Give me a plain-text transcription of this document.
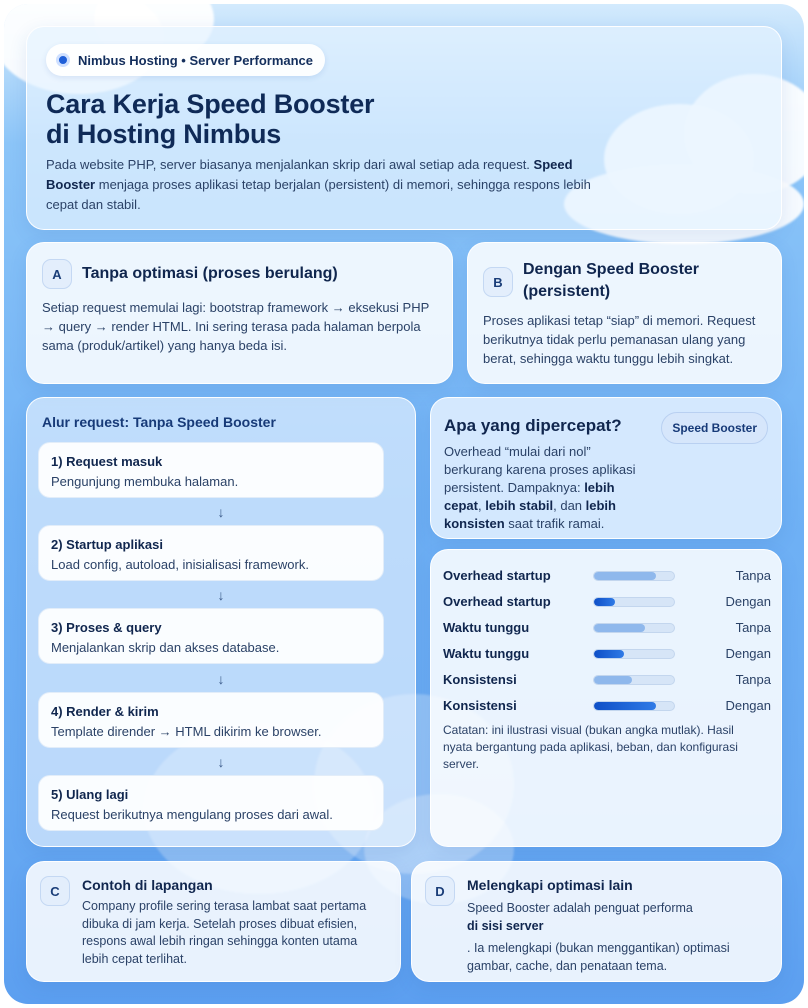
Nimbus Hosting • Server Performance
Cara Kerja Speed Booster
di Hosting Nimbus

Pada website PHP, server biasanya menjalankan skrip dari awal setiap ada request. Speed Booster menjaga proses aplikasi tetap berjalan (persistent) di memori, sehingga respons lebih cepat dan stabil.

A	Tanpa optimasi (proses berulang)
Setiap request memulai lagi: bootstrap framework → eksekusi PHP → query → render HTML. Ini sering terasa pada halaman berpola sama (produk/artikel) yang hanya beda isi.
B
Dengan Speed Booster (persistent)
Proses aplikasi tetap “siap” di memori. Request berikutnya tidak perlu pemanasan ulang yang berat, sehingga waktu tunggu lebih singkat.
Alur request: Tanpa Speed Booster
1) Request masuk
Pengunjung membuka halaman.
↓
2) Startup aplikasi
Load config, autoload, inisialisasi framework.
↓
3) Proses & query
Menjalankan skrip dan akses database.
↓
4) Render & kirim
Template dirender → HTML dikirim ke browser.
↓
5) Ulang lagi
Request berikutnya mengulang proses dari awal.
Apa yang dipercepat?	Speed Booster
Overhead “mulai dari nol” berkurang karena proses aplikasi persistent. Dampaknya: lebih cepat, lebih stabil, dan lebih konsisten saat trafik ramai.
Overhead startup	Tanpa
Overhead startup	Dengan
Waktu tunggu	Tanpa
Waktu tunggu	Dengan
Konsistensi	Tanpa
Konsistensi	Dengan
Catatan: ini ilustrasi visual (bukan angka mutlak). Hasil nyata bergantung pada aplikasi, beban, dan konfigurasi server.
C	Contoh di lapangan
Company profile sering terasa lambat saat pertama dibuka di jam kerja. Setelah proses dibuat efisien, respons awal lebih ringan sehingga konten utama lebih cepat terlihat.
D	Melengkapi optimasi lain
Speed Booster adalah penguat performa
di sisi server
. Ia melengkapi (bukan menggantikan) optimasi gambar, cache, dan penataan tema.
